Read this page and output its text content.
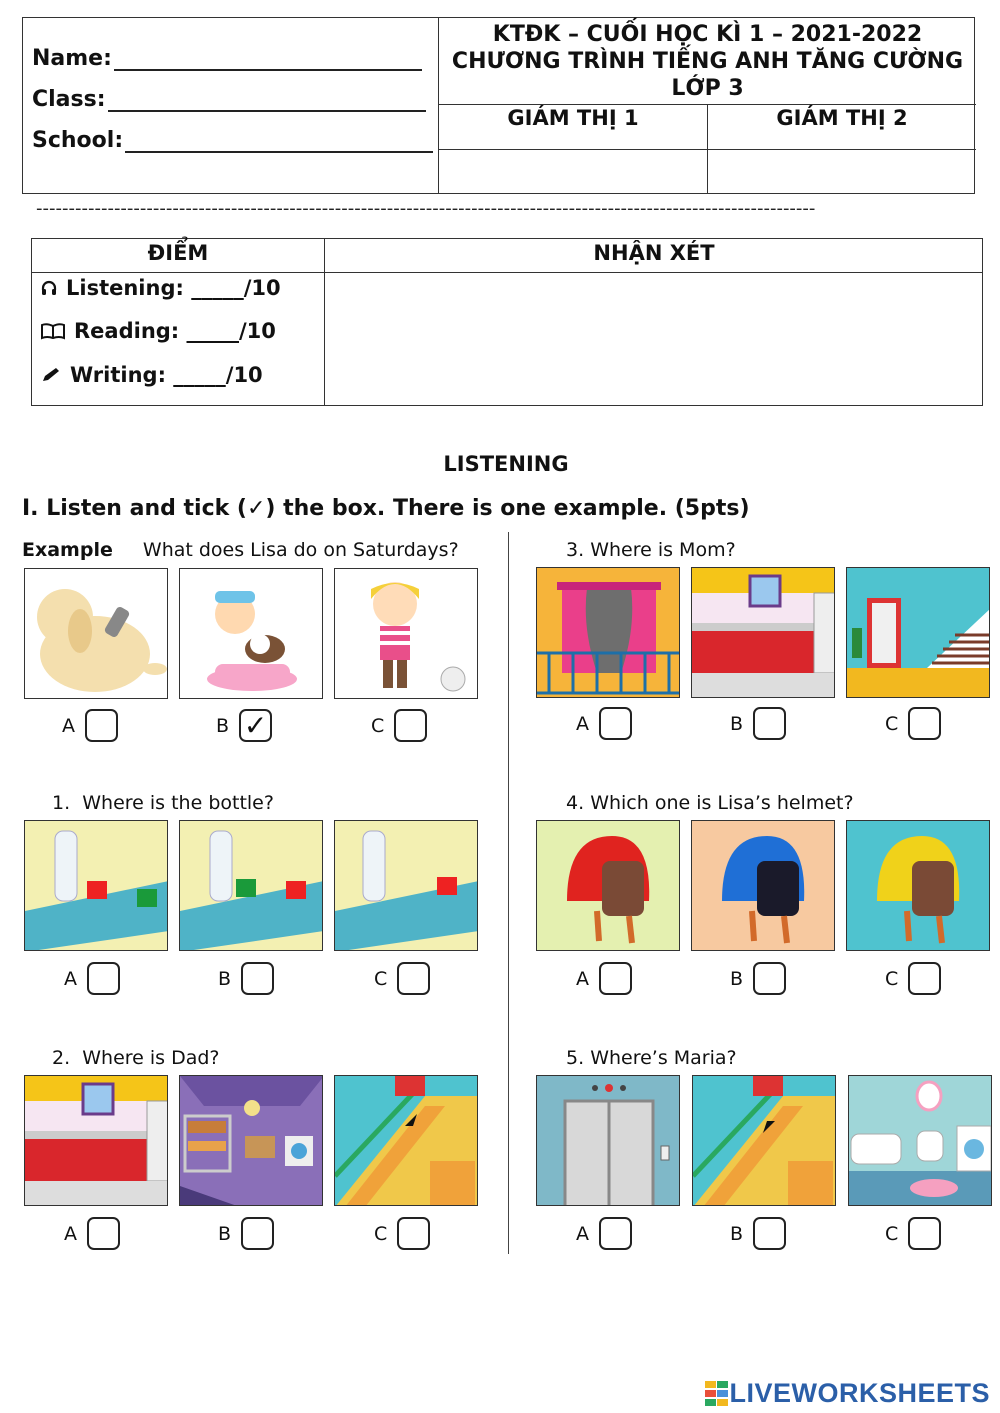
Name:
Class:
School:
KTĐK – CUỐI HỌC KÌ 1 – 2021-2022
CHƯƠNG TRÌNH TIẾNG ANH TĂNG CƯỜNG
LỚP 3
GIÁM THỊ 1	GIÁM THỊ 2
------------------------------------------------------------------------------------------------------------------------
ĐIỂM	NHẬN XÉT
Listening: _____/10
Reading: _____/10
Writing: _____/10
LISTENING
I. Listen and tick (✓) the box. There is one example. (5pts)
Example What does Lisa do on Saturdays?
A	B ✓	C
1. Where is the bottle?
A	B	C
2. Where is Dad?
A	B	C
3. Where is Mom?
A	B	C
4. Which one is Lisa’s helmet?
A	B	C
5. Where’s Maria?
A	B	C
LIVEWORKSHEETS
